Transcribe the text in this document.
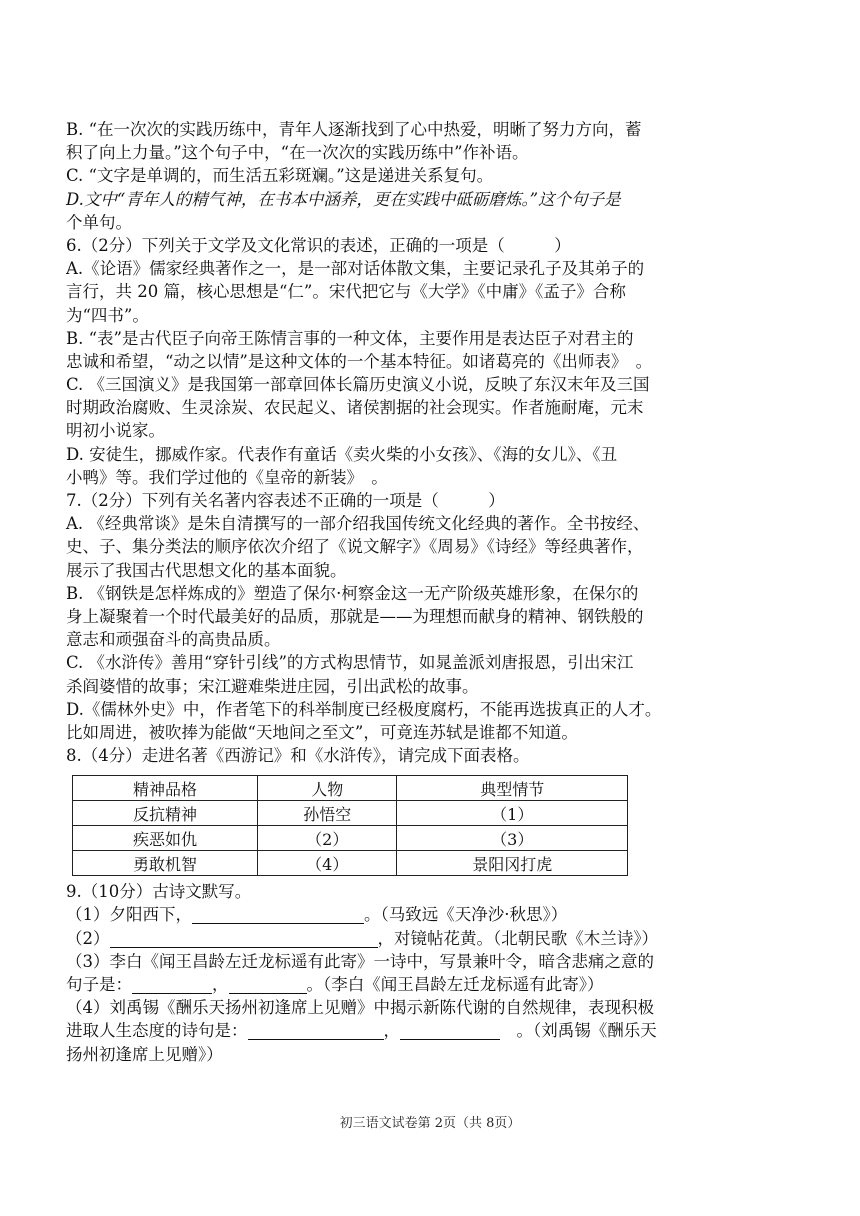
B. “在一次次的实践历练中，青年人逐渐找到了心中热爱，明晰了努力方向，蓄
积了向上力量。”这个句子中，“在一次次的实践历练中”作补语。
C. “文字是单调的，而生活五彩斑斓。”这是递进关系复句。
D.文中“青年人的精气神，在书本中涵养，更在实践中砥砺磨炼。”这个句子是
个单句。
6.（2分）下列关于文学及文化常识的表述，正确的一项是（　　　）
A.《论语》儒家经典著作之一，是一部对话体散文集，主要记录孔子及其弟子的
言行，共 20 篇，核心思想是“仁”。宋代把它与《大学》《中庸》《孟子》合称
为“四书”。
B. “表”是古代臣子向帝王陈情言事的一种文体，主要作用是表达臣子对君主的
忠诚和希望，“动之以情”是这种文体的一个基本特征。如诸葛亮的《出师表》　。
C. 《三国演义》是我国第一部章回体长篇历史演义小说，反映了东汉末年及三国
时期政治腐败、生灵涂炭、农民起义、诸侯割据的社会现实。作者施耐庵，元末
明初小说家。
D. 安徒生，挪威作家。代表作有童话《卖火柴的小女孩》、《海的女儿》、《丑
小鸭》等。我们学过他的《皇帝的新装》　。
7.（2分）下列有关名著内容表述不正确的一项是（　　　）
A. 《经典常谈》是朱自清撰写的一部介绍我国传统文化经典的著作。全书按经、
史、子、集分类法的顺序依次介绍了《说文解字》《周易》《诗经》等经典著作，
展示了我国古代思想文化的基本面貌。
B. 《钢铁是怎样炼成的》塑造了保尔·柯察金这一无产阶级英雄形象，在保尔的
身上凝聚着一个时代最美好的品质，那就是——为理想而献身的精神、钢铁般的
意志和顽强奋斗的高贵品质。
C. 《水浒传》善用“穿针引线”的方式构思情节，如晁盖派刘唐报恩，引出宋江
杀阎婆惜的故事；宋江避难柴进庄园，引出武松的故事。
D.《儒林外史》中，作者笔下的科举制度已经极度腐朽，不能再选拔真正的人才。
比如周进，被吹捧为能做“天地间之至文”，可竟连苏轼是谁都不知道。
8.（4分）走进名著《西游记》和《水浒传》，请完成下面表格。
精神品格	人物	典型情节
反抗精神	孙悟空	（1）
疾恶如仇	（2）	（3）
勇敢机智	（4）	景阳冈打虎
9.（10分）古诗文默写。
（1）夕阳西下，	。（马致远《天净沙·秋思》）
（2）	，对镜帖花黄。（北朝民歌《木兰诗》）
（3）李白《闻王昌龄左迁龙标遥有此寄》一诗中，写景兼叶令，暗含悲痛之意的
句子是：	，	。（李白《闻王昌龄左迁龙标遥有此寄》）
（4）刘禹锡《酬乐天扬州初逢席上见赠》中揭示新陈代谢的自然规律，表现积极
进取人生态度的诗句是：	，	　。（刘禹锡《酬乐天
扬州初逢席上见赠》）
初三语文试卷第 2页（共 8页）
